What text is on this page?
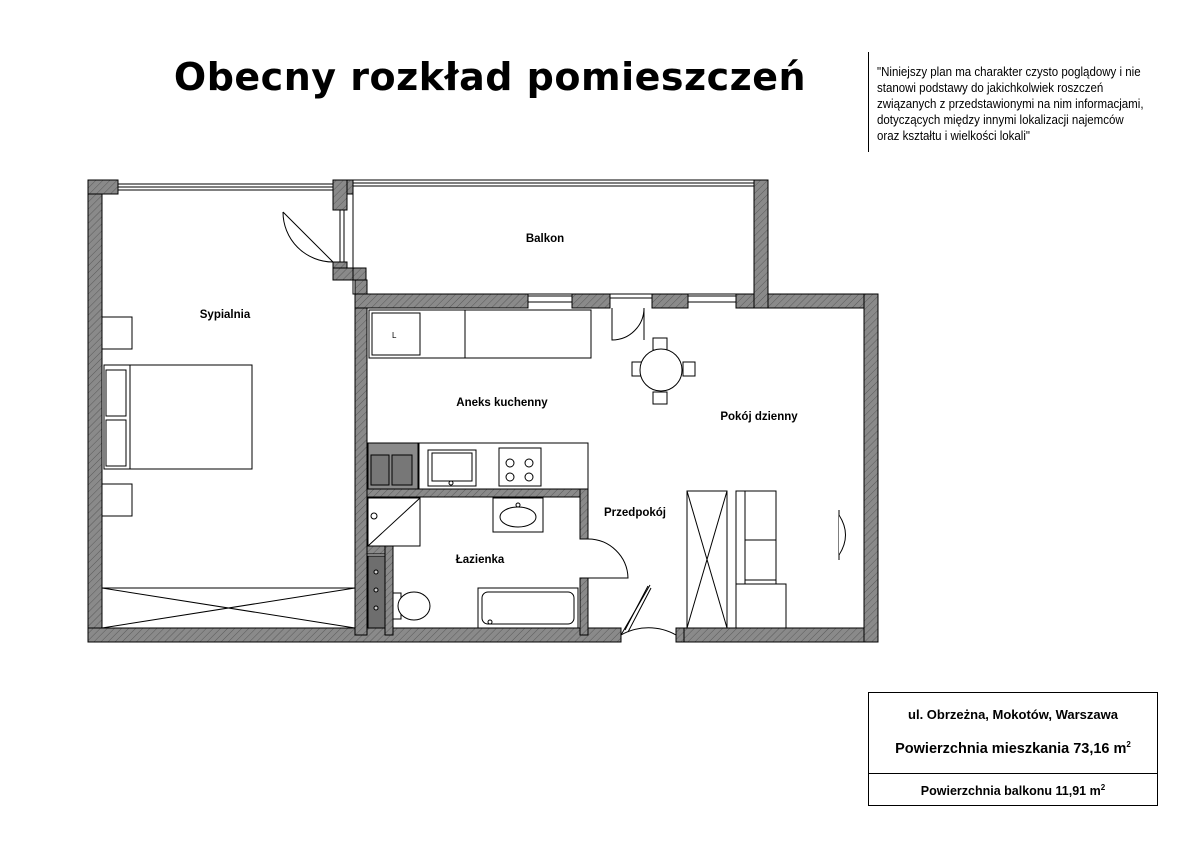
Obecny rozkład pomieszczeń	"Niniejszy plan ma charakter czysto poglądowy i nie stanowi podstawy do jakichkolwiek roszczeń związanych z przedstawionymi na nim informacjami, dotyczących między innymi lokalizacji najemców oraz kształtu i wielkości lokali"
Balkon
Sypialnia
Aneks kuchenny
Pokój dzienny
Przedpokój
Łazienka
L
ul. Obrzeżna, Mokotów, Warszawa
Powierzchnia mieszkania 73,16 $m^2$
Powierzchnia balkonu 11,91 $m^2$
